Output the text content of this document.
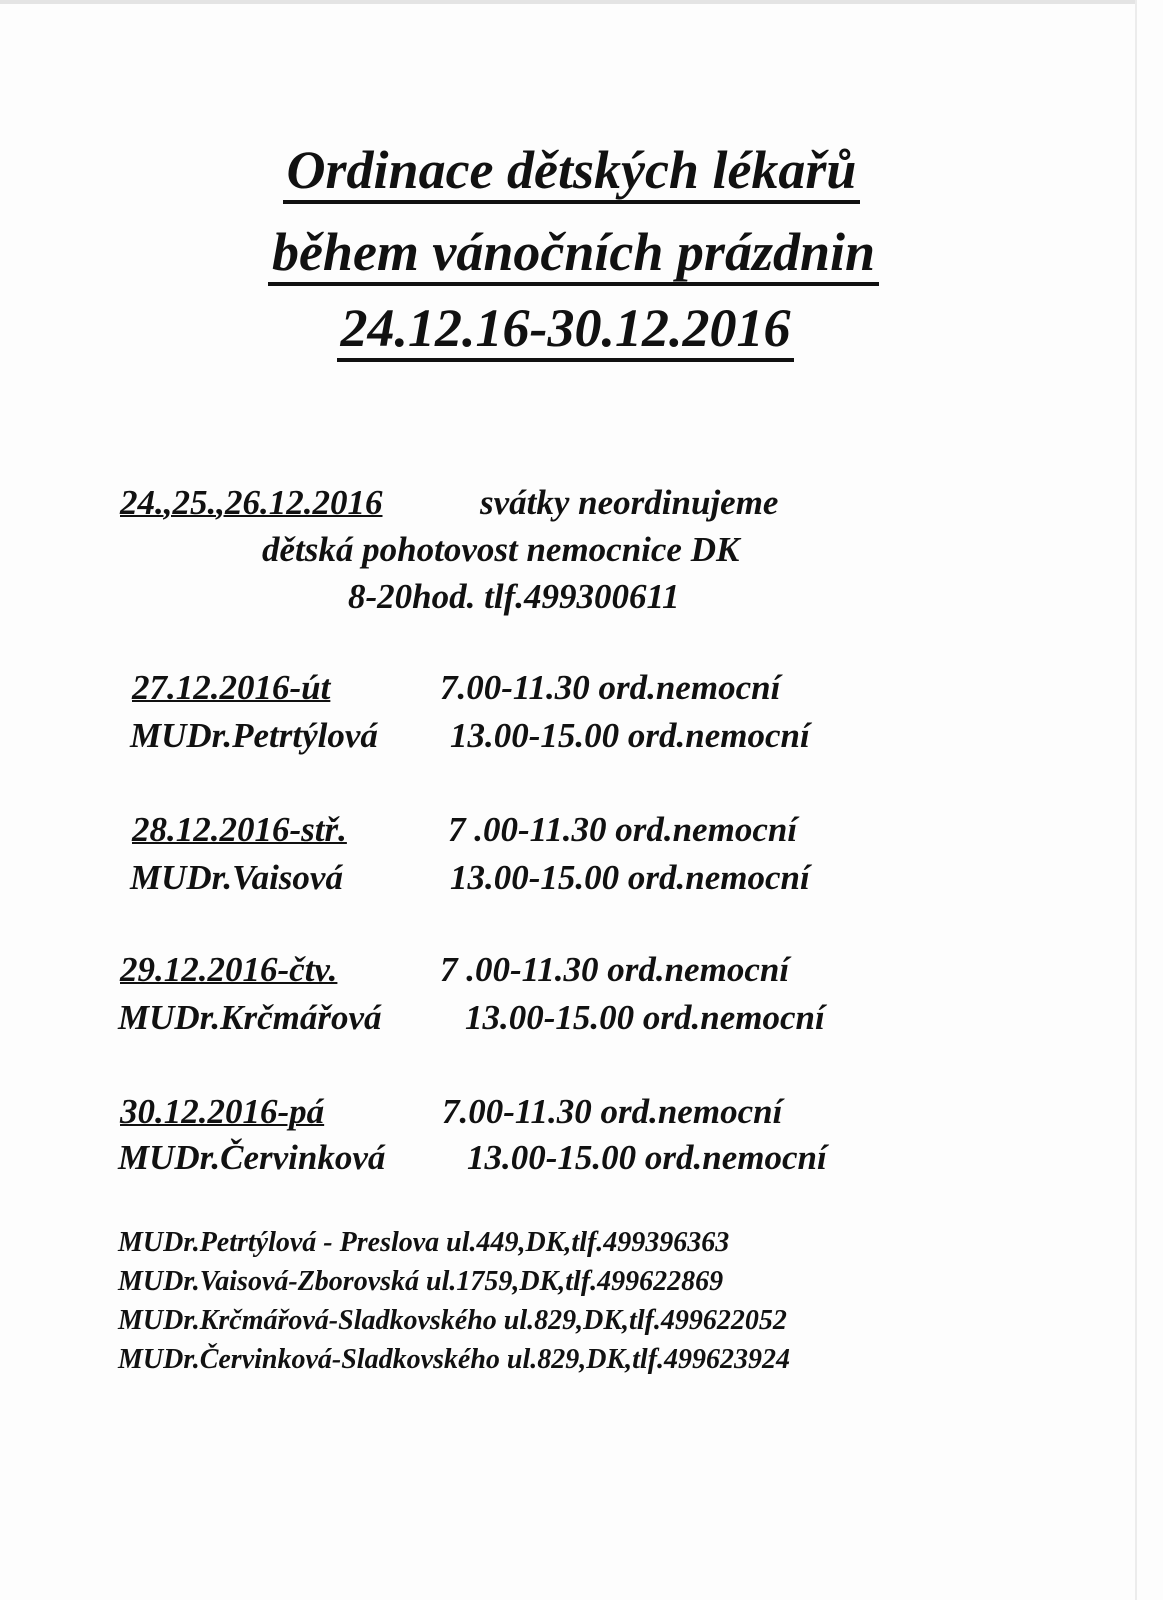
Ordinace dětských lékařů
během vánočních prázdnin
24.12.16-30.12.2016
24.,25.,26.12.2016	svátky neordinujeme
dětská pohotovost nemocnice DK
8-20hod. tlf.499300611
27.12.2016-út	7.00-11.30 ord.nemocní
MUDr.Petrtýlová 13.00-15.00 ord.nemocní
28.12.2016-stř.	7 .00-11.30 ord.nemocní
MUDr.Vaisová	13.00-15.00 ord.nemocní
29.12.2016-čtv.	7 .00-11.30 ord.nemocní
MUDr.Krčmářová 13.00-15.00 ord.nemocní
30.12.2016-pá	7.00-11.30 ord.nemocní
MUDr.Červinková 13.00-15.00 ord.nemocní
MUDr.Petrtýlová - Preslova ul.449,DK,tlf.499396363
MUDr.Vaisová-Zborovská ul.1759,DK,tlf.499622869
MUDr.Krčmářová-Sladkovského ul.829,DK,tlf.499622052
MUDr.Červinková-Sladkovského ul.829,DK,tlf.499623924
